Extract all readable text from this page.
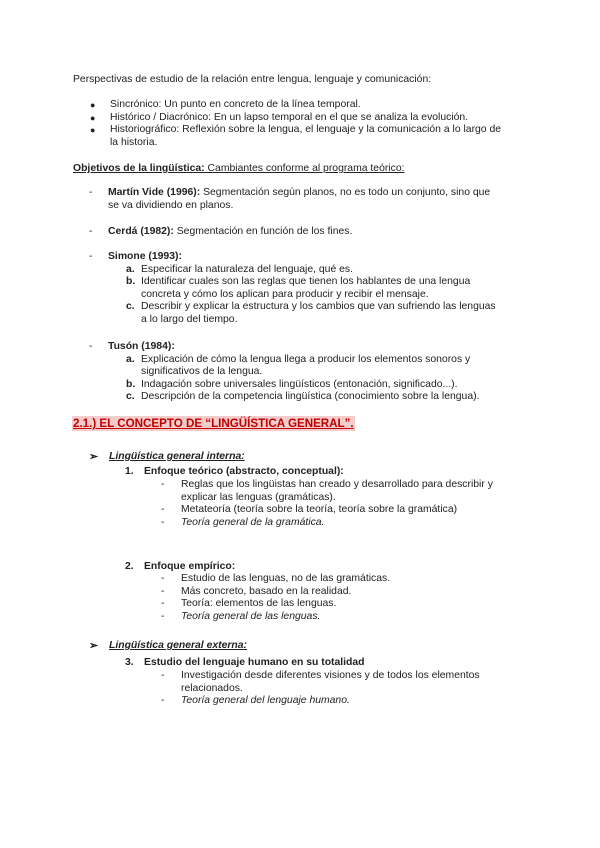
Perspectivas de estudio de la relación entre lengua, lenguaje y comunicación:
● Sincrónico: Un punto en concreto de la línea temporal.
● Histórico / Diacrónico: En un lapso temporal en el que se analiza la evolución.
● Historiográfico: Reflexión sobre la lengua, el lenguaje y la comunicación a lo largo de
la historia.
Objetivos de la lingüística: Cambiantes conforme al programa teórico:
- Martín Vide (1996): Segmentación según planos, no es todo un conjunto, sino que
se va dividiendo en planos.
- Cerdá (1982): Segmentación en función de los fines.
- Simone (1993):
a. Especificar la naturaleza del lenguaje, qué es.
b. Identificar cuales son las reglas que tienen los hablantes de una lengua
concreta y cómo los aplican para producir y recibir el mensaje.
c. Describir y explicar la estructura y los cambios que van sufriendo las lenguas
a lo largo del tiempo.
- Tusón (1984):
a. Explicación de cómo la lengua llega a producir los elementos sonoros y
significativos de la lengua.
b. Indagación sobre universales lingüísticos (entonación, significado...).
c. Descripción de la competencia lingüística (conocimiento sobre la lengua).
2.1.) EL CONCEPTO DE “LINGÜÍSTICA GENERAL”.
➢ Lingüística general interna:
1. Enfoque teórico (abstracto, conceptual):
- Reglas que los lingüistas han creado y desarrollado para describir y
explicar las lenguas (gramáticas).
- Metateoría (teoría sobre la teoría, teoría sobre la gramática)
- Teoría general de la gramática.
2. Enfoque empírico:
- Estudio de las lenguas, no de las gramáticas.
- Más concreto, basado en la realidad.
- Teoría: elementos de las lenguas.
- Teoría general de las lenguas.
➢ Lingüística general externa:
3. Estudio del lenguaje humano en su totalidad
- Investigación desde diferentes visiones y de todos los elementos
relacionados.
- Teoría general del lenguaje humano.
